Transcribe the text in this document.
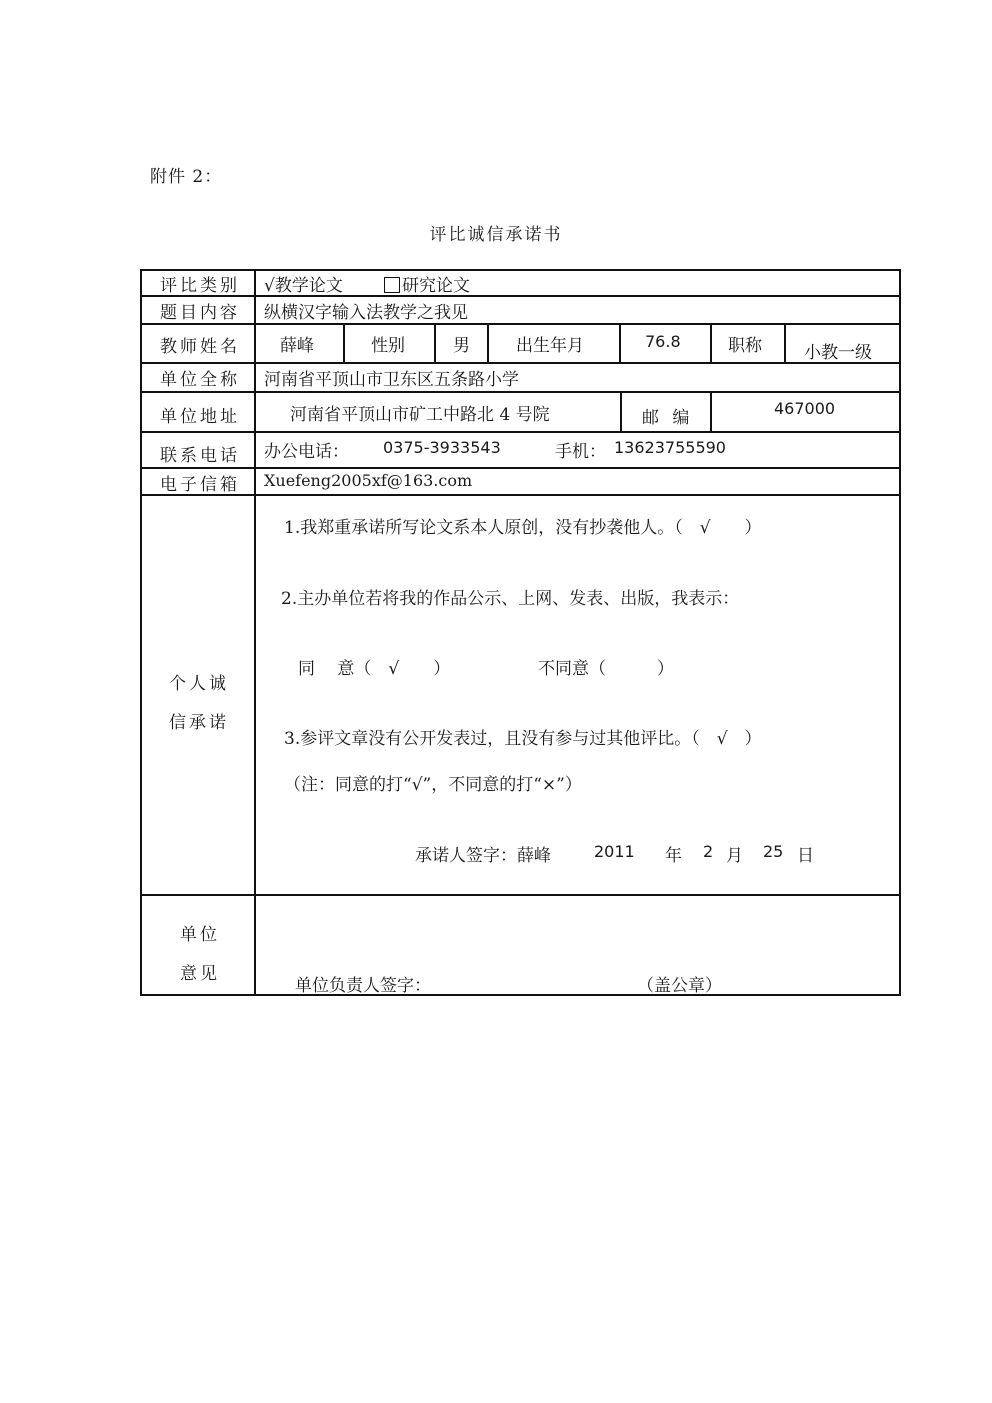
附件 2：
评比诚信承诺书
评比类别 √教学论文	研究论文
题目内容 纵横汉字输入法教学之我见
教师姓名 薛峰	性别	男	出生年月	76.8	职称 小教一级
单位全称 河南省平顶山市卫东区五条路小学
单位地址	河南省平顶山市矿工中路北 4 号院	邮 编	467000
联系电话 办公电话： 0375-3933543	手机： 13623755590
电子信箱 Xuefeng2005xf@163.com
个人诚
信承诺
1.我郑重承诺所写论文系本人原创，没有抄袭他人。（　√　　）
2.主办单位若将我的作品公示、上网、发表、出版，我表示：
同　 意（　√　　）	不同意（　　　）
3.参评文章没有公开发表过，且没有参与过其他评比。（　√　）
（注：同意的打“√”，不同意的打“×”）
承诺人签字：薛峰	2011 年 2 月 25 日
单位
意见
单位负责人签字：	（盖公章）
